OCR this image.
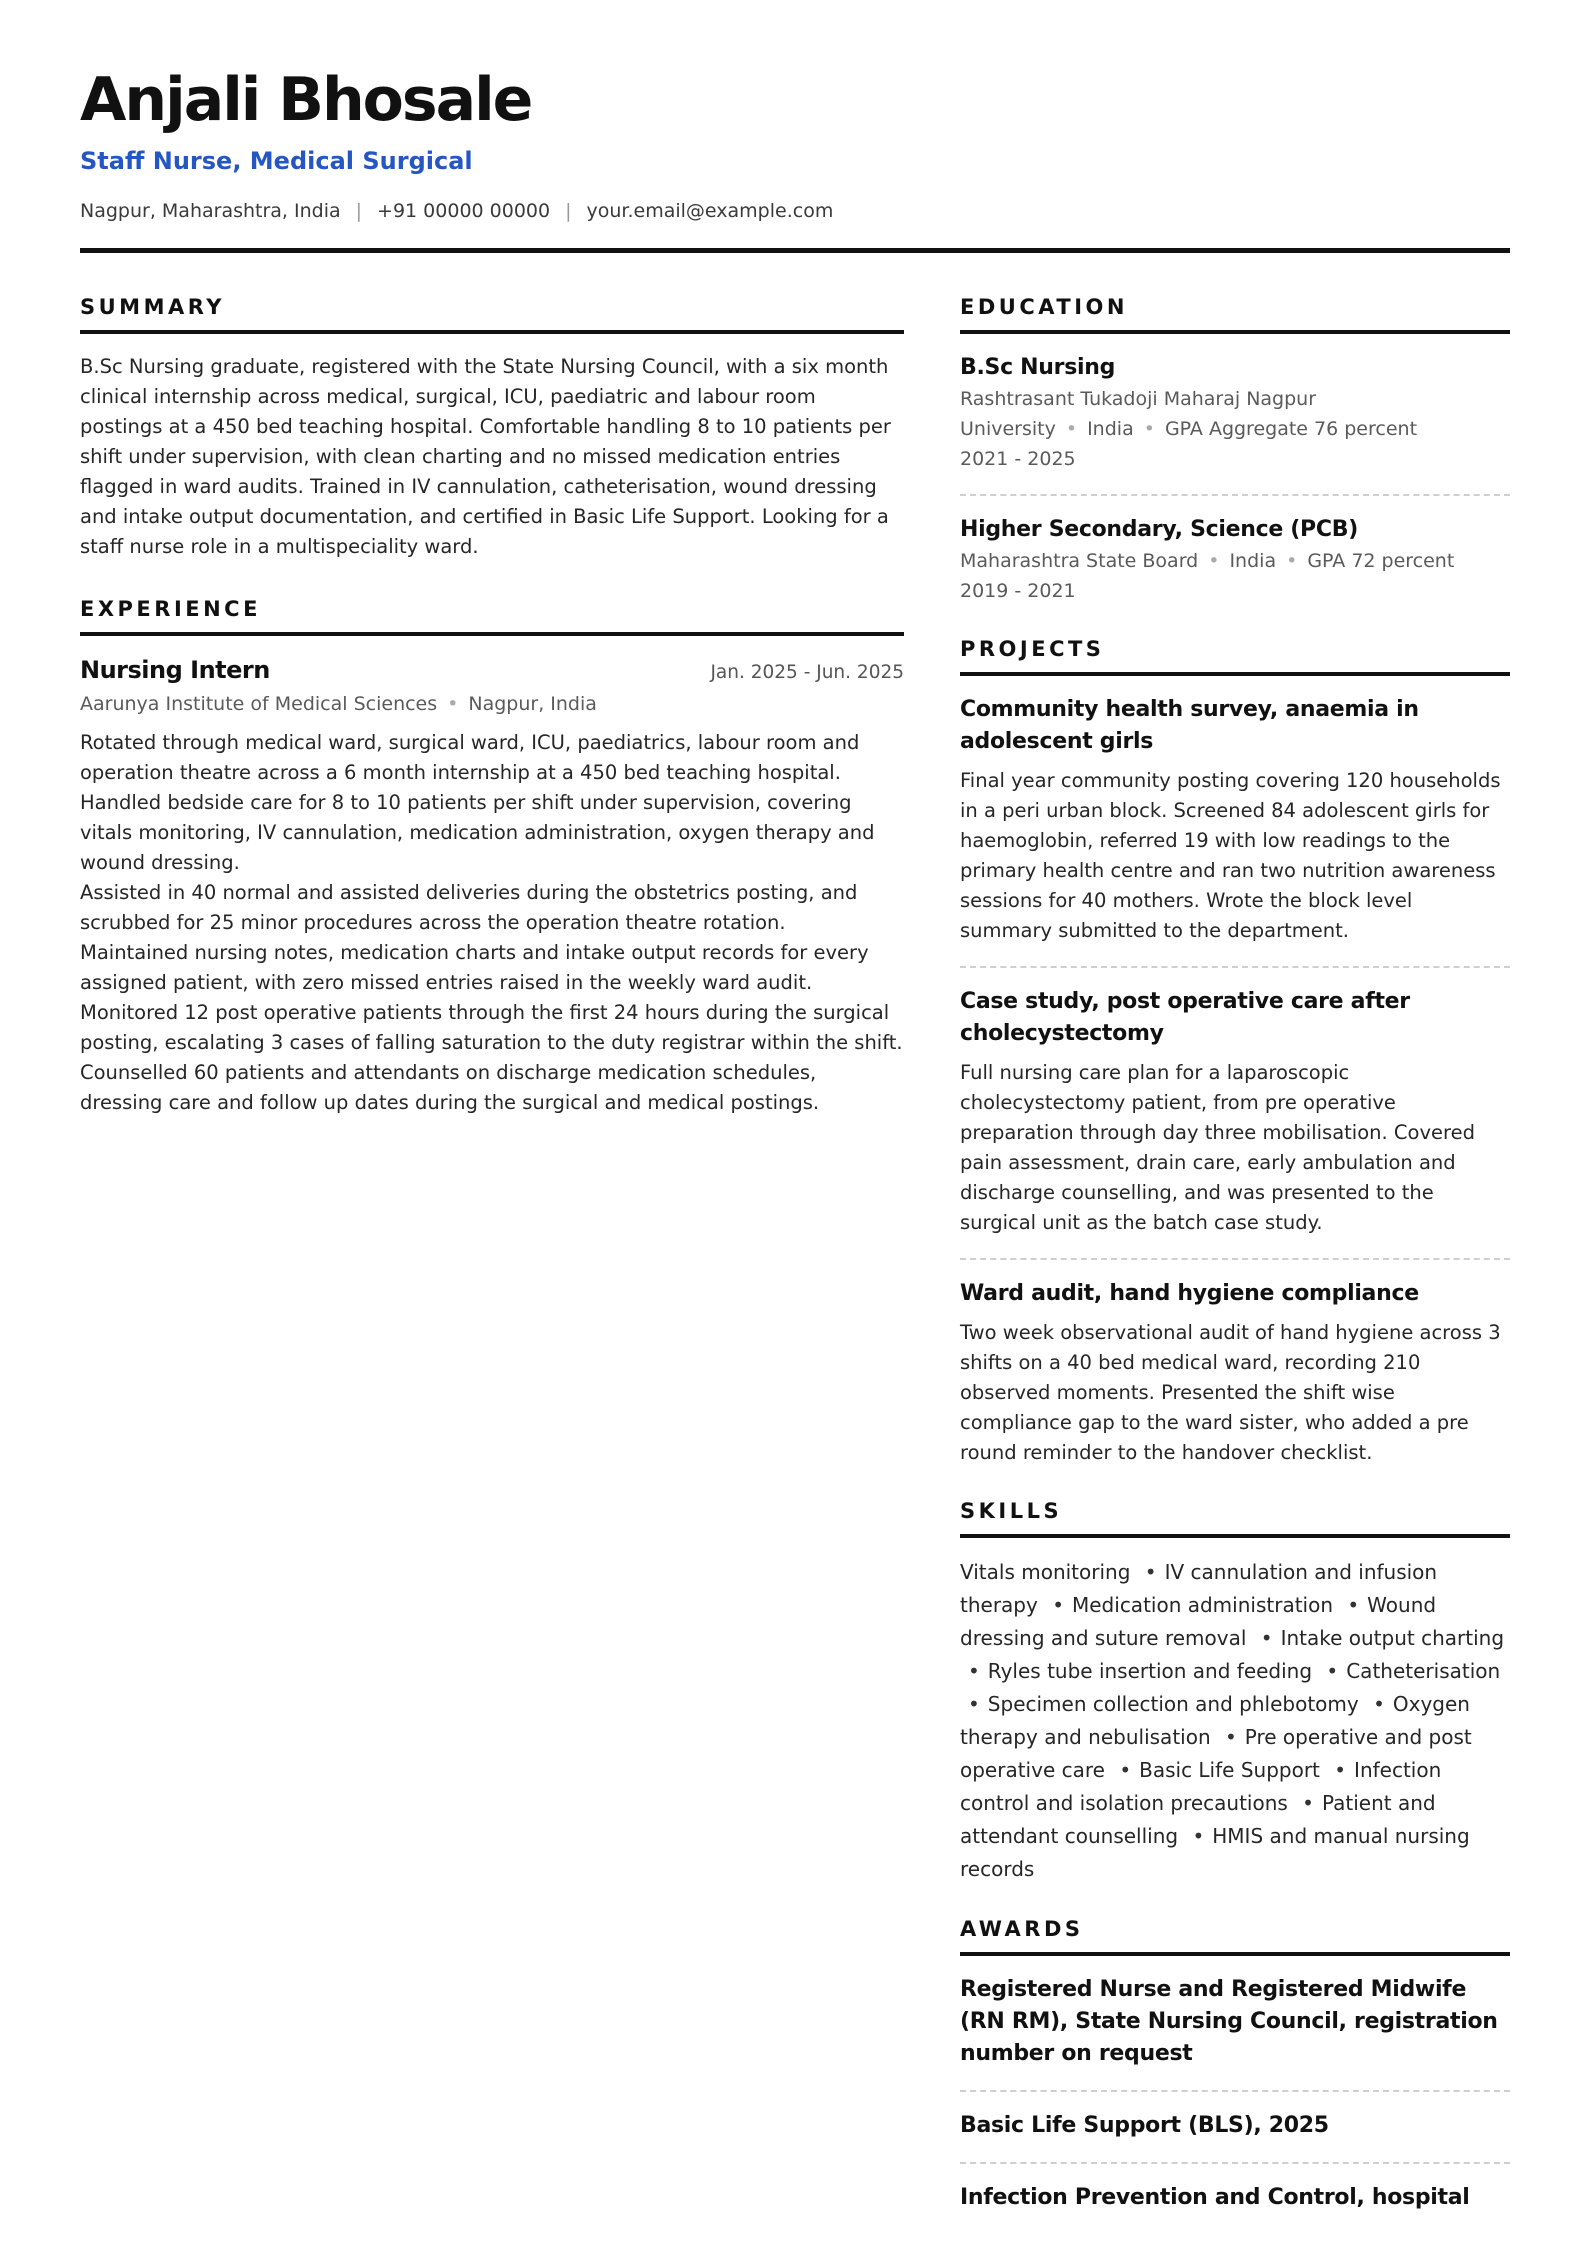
Anjali Bhosale
Staff Nurse, Medical Surgical
Nagpur, Maharashtra, India | +91 00000 00000 | your.email@example.com
SUMMARY
B.Sc Nursing graduate, registered with the State Nursing Council, with a six month clinical internship across medical, surgical, ICU, paediatric and labour room postings at a 450 bed teaching hospital. Comfortable handling 8 to 10 patients per shift under supervision, with clean charting and no missed medication entries flagged in ward audits. Trained in IV cannulation, catheterisation, wound dressing and intake output documentation, and certified in Basic Life Support. Looking for a staff nurse role in a multispeciality ward.
EXPERIENCE
Nursing Intern	Jan. 2025 - Jun. 2025
Aarunya Institute of Medical Sciences • Nagpur, India
Rotated through medical ward, surgical ward, ICU, paediatrics, labour room and operation theatre across a 6 month internship at a 450 bed teaching hospital.
Handled bedside care for 8 to 10 patients per shift under supervision, covering vitals monitoring, IV cannulation, medication administration, oxygen therapy and wound dressing.
Assisted in 40 normal and assisted deliveries during the obstetrics posting, and scrubbed for 25 minor procedures across the operation theatre rotation.
Maintained nursing notes, medication charts and intake output records for every assigned patient, with zero missed entries raised in the weekly ward audit.
Monitored 12 post operative patients through the first 24 hours during the surgical posting, escalating 3 cases of falling saturation to the duty registrar within the shift.
Counselled 60 patients and attendants on discharge medication schedules, dressing care and follow up dates during the surgical and medical postings.
EDUCATION
B.Sc Nursing
Rashtrasant Tukadoji Maharaj Nagpur University • India • GPA Aggregate 76 percent
2021 - 2025
Higher Secondary, Science (PCB)
Maharashtra State Board • India • GPA 72 percent
2019 - 2021
PROJECTS
Community health survey, anaemia in adolescent girls
Final year community posting covering 120 households in a peri urban block. Screened 84 adolescent girls for haemoglobin, referred 19 with low readings to the primary health centre and ran two nutrition awareness sessions for 40 mothers. Wrote the block level summary submitted to the department.
Case study, post operative care after cholecystectomy
Full nursing care plan for a laparoscopic cholecystectomy patient, from pre operative preparation through day three mobilisation. Covered pain assessment, drain care, early ambulation and discharge counselling, and was presented to the surgical unit as the batch case study.
Ward audit, hand hygiene compliance
Two week observational audit of hand hygiene across 3 shifts on a 40 bed medical ward, recording 210 observed moments. Presented the shift wise compliance gap to the ward sister, who added a pre round reminder to the handover checklist.
SKILLS
Vitals monitoring • IV cannulation and infusion therapy • Medication administration • Wound dressing and suture removal • Intake output charting • Ryles tube insertion and feeding • Catheterisation • Specimen collection and phlebotomy • Oxygen therapy and nebulisation • Pre operative and post operative care • Basic Life Support • Infection control and isolation precautions • Patient and attendant counselling • HMIS and manual nursing records
AWARDS
Registered Nurse and Registered Midwife (RN RM), State Nursing Council, registration number on request
Basic Life Support (BLS), 2025
Infection Prevention and Control, hospital
